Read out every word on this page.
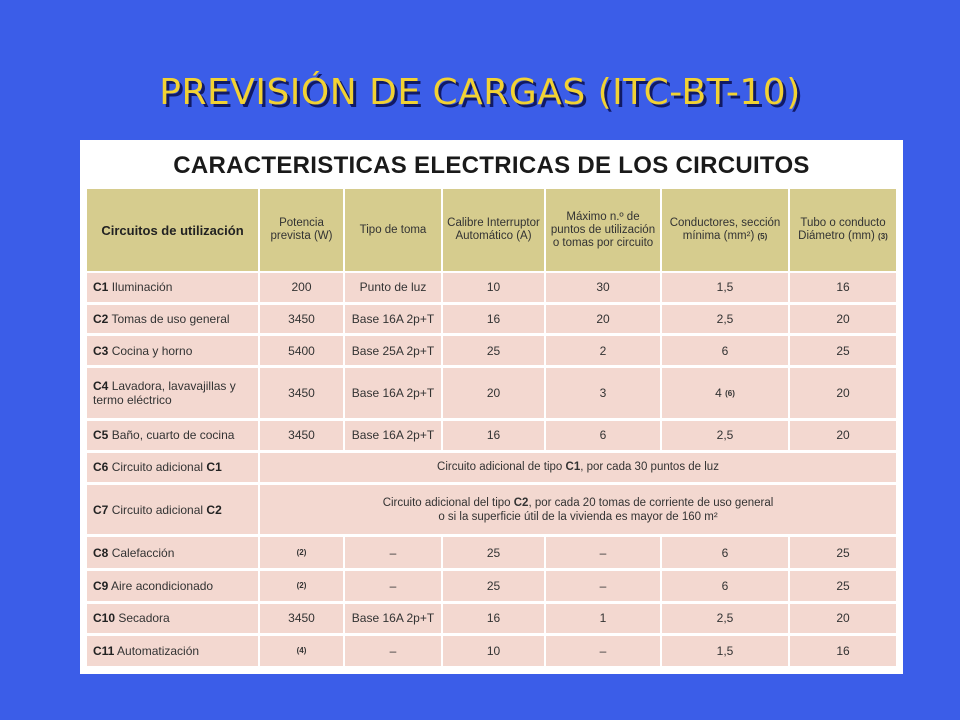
PREVISIÓN DE CARGAS (ITC-BT-10)
CARACTERISTICAS ELECTRICAS DE LOS CIRCUITOS
Circuitos de utilización	Potencia prevista (W)	Tipo de toma	Calibre Interruptor Automático (A)	Máximo n.º de puntos de utilización o tomas por circuito	Conductores, sección mínima (mm²) (5)	Tubo o conducto Diámetro (mm) (3)
C1 Iluminación	200	Punto de luz	10	30	1,5	16
C2 Tomas de uso general	3450	Base 16A 2p+T	16	20	2,5	20
C3 Cocina y horno	5400	Base 25A 2p+T	25	2	6	25
C4 Lavadora, lavavajillas y termo eléctrico	3450	Base 16A 2p+T	20	3	4 (6)	20
C5 Baño, cuarto de cocina	3450	Base 16A 2p+T	16	6	2,5	20
C6 Circuito adicional C1	Circuito adicional de tipo C1, por cada 30 puntos de luz					
C7 Circuito adicional C2	Circuito adicional del tipo C2, por cada 20 tomas de corriente de uso general
o si la superficie útil de la vivienda es mayor de 160 m²					
C8 Calefacción	(2)	–	25	–	6	25
C9 Aire acondicionado	(2)	–	25	–	6	25
C10 Secadora	3450	Base 16A 2p+T	16	1	2,5	20
C11 Automatización	(4)	–	10	–	1,5	16
